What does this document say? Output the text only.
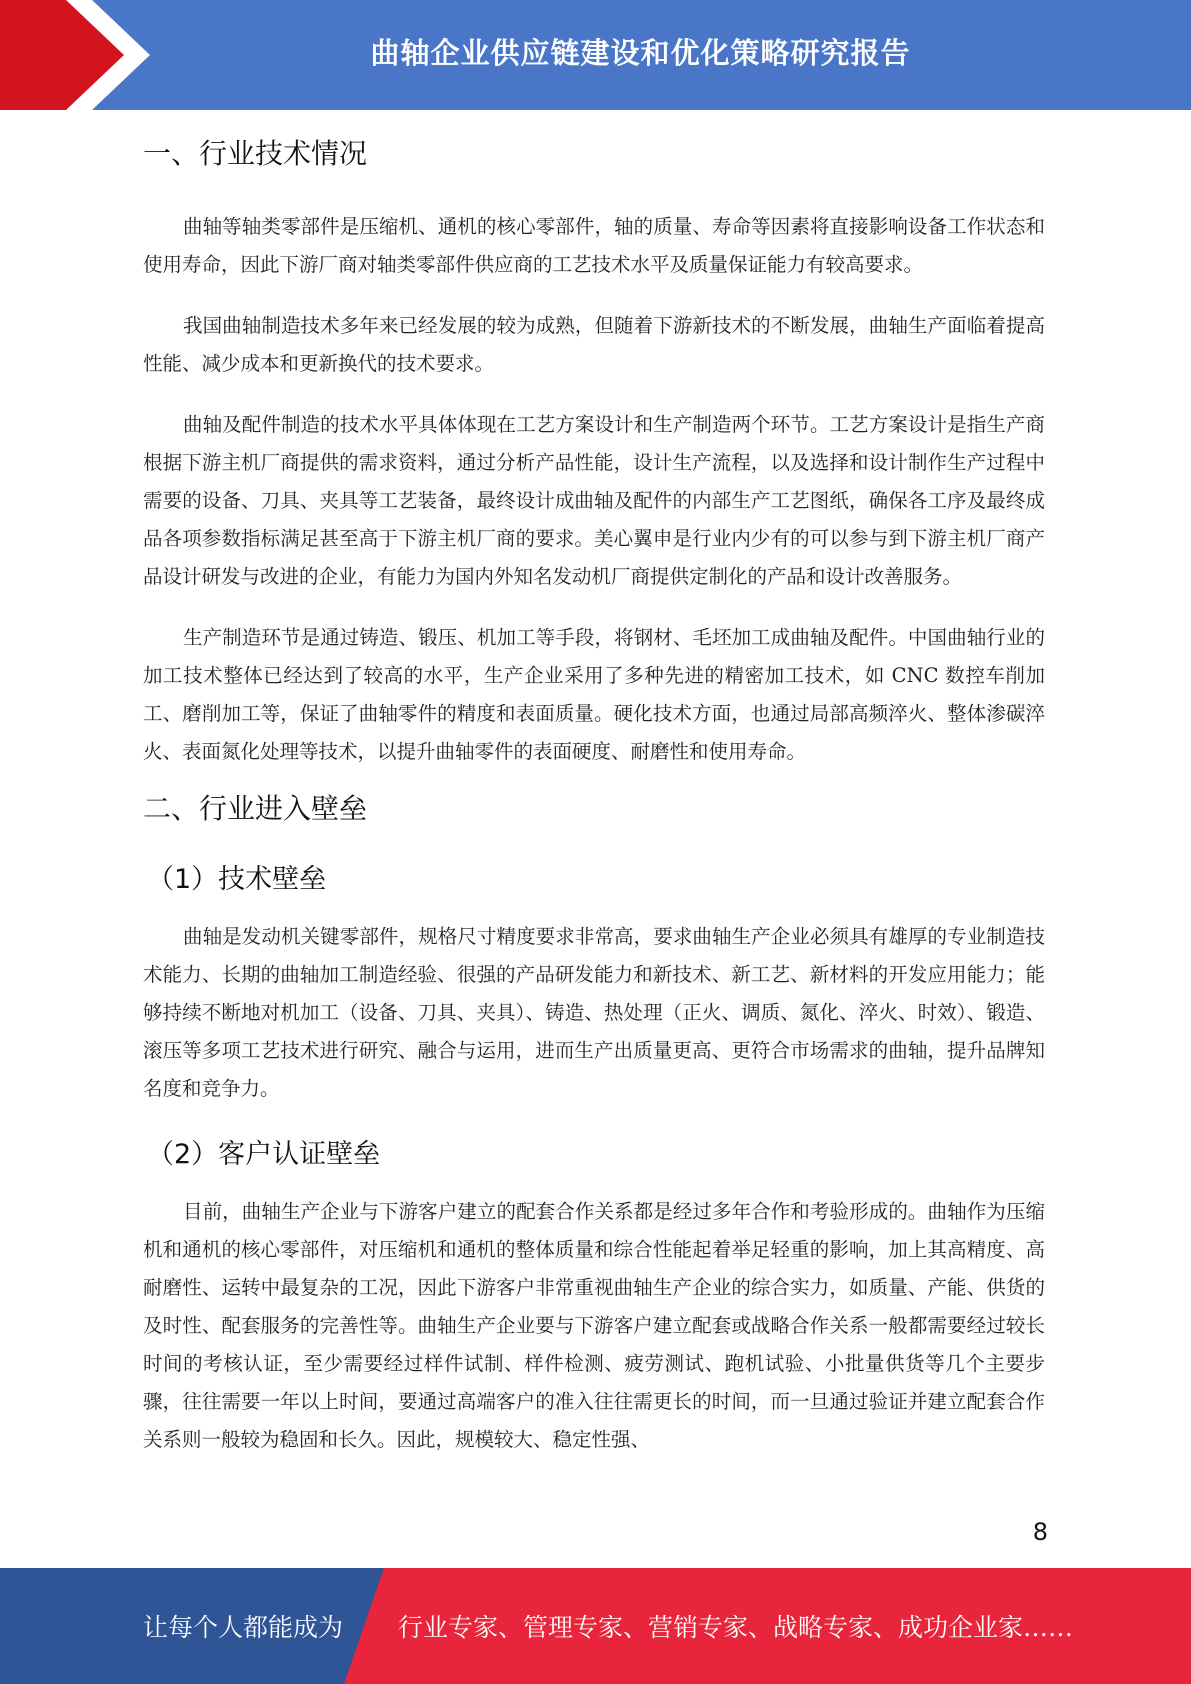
曲轴企业供应链建设和优化策略研究报告
一、行业技术情况

曲轴等轴类零部件是压缩机、通机的核心零部件，轴的质量、寿命等因素将直接影响设备工作状态和使用寿命，因此下游厂商对轴类零部件供应商的工艺技术水平及质量保证能力有较高要求。

我国曲轴制造技术多年来已经发展的较为成熟，但随着下游新技术的不断发展，曲轴生产面临着提高性能、减少成本和更新换代的技术要求。

曲轴及配件制造的技术水平具体体现在工艺方案设计和生产制造两个环节。工艺方案设计是指生产商根据下游主机厂商提供的需求资料，通过分析产品性能，设计生产流程，以及选择和设计制作生产过程中需要的设备、刀具、夹具等工艺装备，最终设计成曲轴及配件的内部生产工艺图纸，确保各工序及最终成品各项参数指标满足甚至高于下游主机厂商的要求。美心翼申是行业内少有的可以参与到下游主机厂商产品设计研发与改进的企业，有能力为国内外知名发动机厂商提供定制化的产品和设计改善服务。

生产制造环节是通过铸造、锻压、机加工等手段，将钢材、毛坯加工成曲轴及配件。中国曲轴行业的加工技术整体已经达到了较高的水平，生产企业采用了多种先进的精密加工技术，如 CNC 数控车削加工、磨削加工等，保证了曲轴零件的精度和表面质量。硬化技术方面，也通过局部高频淬火、整体渗碳淬火、表面氮化处理等技术，以提升曲轴零件的表面硬度、耐磨性和使用寿命。

二、行业进入壁垒
（1）技术壁垒

曲轴是发动机关键零部件，规格尺寸精度要求非常高，要求曲轴生产企业必须具有雄厚的专业制造技术能力、长期的曲轴加工制造经验、很强的产品研发能力和新技术、新工艺、新材料的开发应用能力；能够持续不断地对机加工（设备、刀具、夹具）、铸造、热处理（正火、调质、氮化、淬火、时效）、锻造、滚压等多项工艺技术进行研究、融合与运用，进而生产出质量更高、更符合市场需求的曲轴，提升品牌知名度和竞争力。

（2）客户认证壁垒

目前，曲轴生产企业与下游客户建立的配套合作关系都是经过多年合作和考验形成的。曲轴作为压缩机和通机的核心零部件，对压缩机和通机的整体质量和综合性能起着举足轻重的影响，加上其高精度、高耐磨性、运转中最复杂的工况，因此下游客户非常重视曲轴生产企业的综合实力，如质量、产能、供货的及时性、配套服务的完善性等。曲轴生产企业要与下游客户建立配套或战略合作关系一般都需要经过较长时间的考核认证，至少需要经过样件试制、样件检测、疲劳测试、跑机试验、小批量供货等几个主要步骤，往往需要一年以上时间，要通过高端客户的准入往往需更长的时间，而一旦通过验证并建立配套合作关系则一般较为稳固和长久。因此，规模较大、稳定性强、

8
让每个人都能成为 行业专家、管理专家、营销专家、战略专家、成功企业家……
